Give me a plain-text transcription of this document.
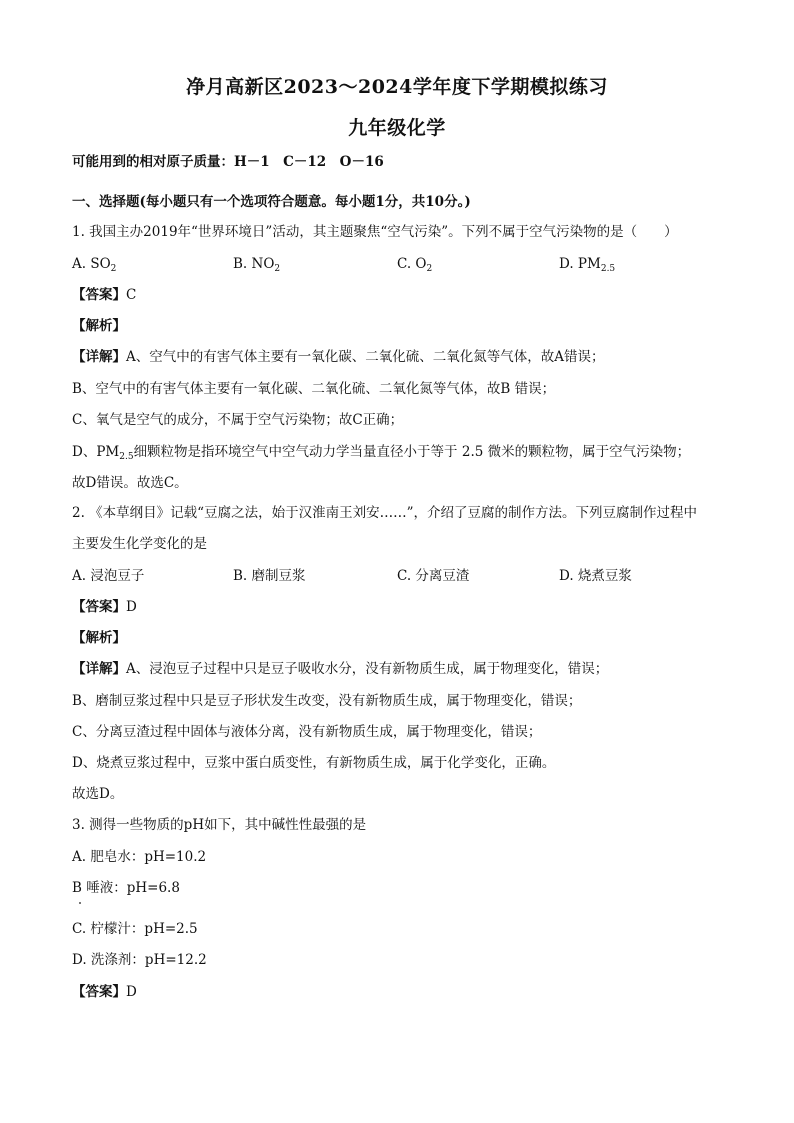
净月高新区2023～2024学年度下学期模拟练习
九年级化学
可能用到的相对原子质量：H－1　C－12　O－16
一、选择题(每小题只有一个选项符合题意。每小题1分，共10分。)
1. 我国主办2019年“世界环境日”活动，其主题聚焦“空气污染”。下列不属于空气污染物的是（　　）
A. $SO_2$	B. $NO_2$	C. $O_2$	D. $PM_{2.5}$
【答案】C
【解析】
【详解】A、空气中的有害气体主要有一氧化碳、二氧化硫、二氧化氮等气体，故A错误；
B、空气中的有害气体主要有一氧化碳、二氧化硫、二氧化氮等气体，故B 错误；
C、氧气是空气的成分，不属于空气污染物；故C正确；
D、$PM_{2.5}$细颗粒物是指环境空气中空气动力学当量直径小于等于 2.5 微米的颗粒物，属于空气污染物；
故D错误。故选C。
2. 《本草纲目》记载“豆腐之法，始于汉淮南王刘安……”，介绍了豆腐的制作方法。下列豆腐制作过程中
主要发生化学变化的是
A. 浸泡豆子	B. 磨制豆浆	C. 分离豆渣	D. 烧煮豆浆
【答案】D
【解析】
【详解】A、浸泡豆子过程中只是豆子吸收水分，没有新物质生成，属于物理变化，错误；
B、磨制豆浆过程中只是豆子形状发生改变，没有新物质生成，属于物理变化，错误；
C、分离豆渣过程中固体与液体分离，没有新物质生成，属于物理变化，错误；
D、烧煮豆浆过程中，豆浆中蛋白质变性，有新物质生成，属于化学变化，正确。
故选D。
3. 测得一些物质的pH如下，其中碱性性最强的是
A. 肥皂水：pH=10.2
B 唾液：pH=6.8
C. 柠檬汁：pH=2.5
D. 洗涤剂：pH=12.2
【答案】D
